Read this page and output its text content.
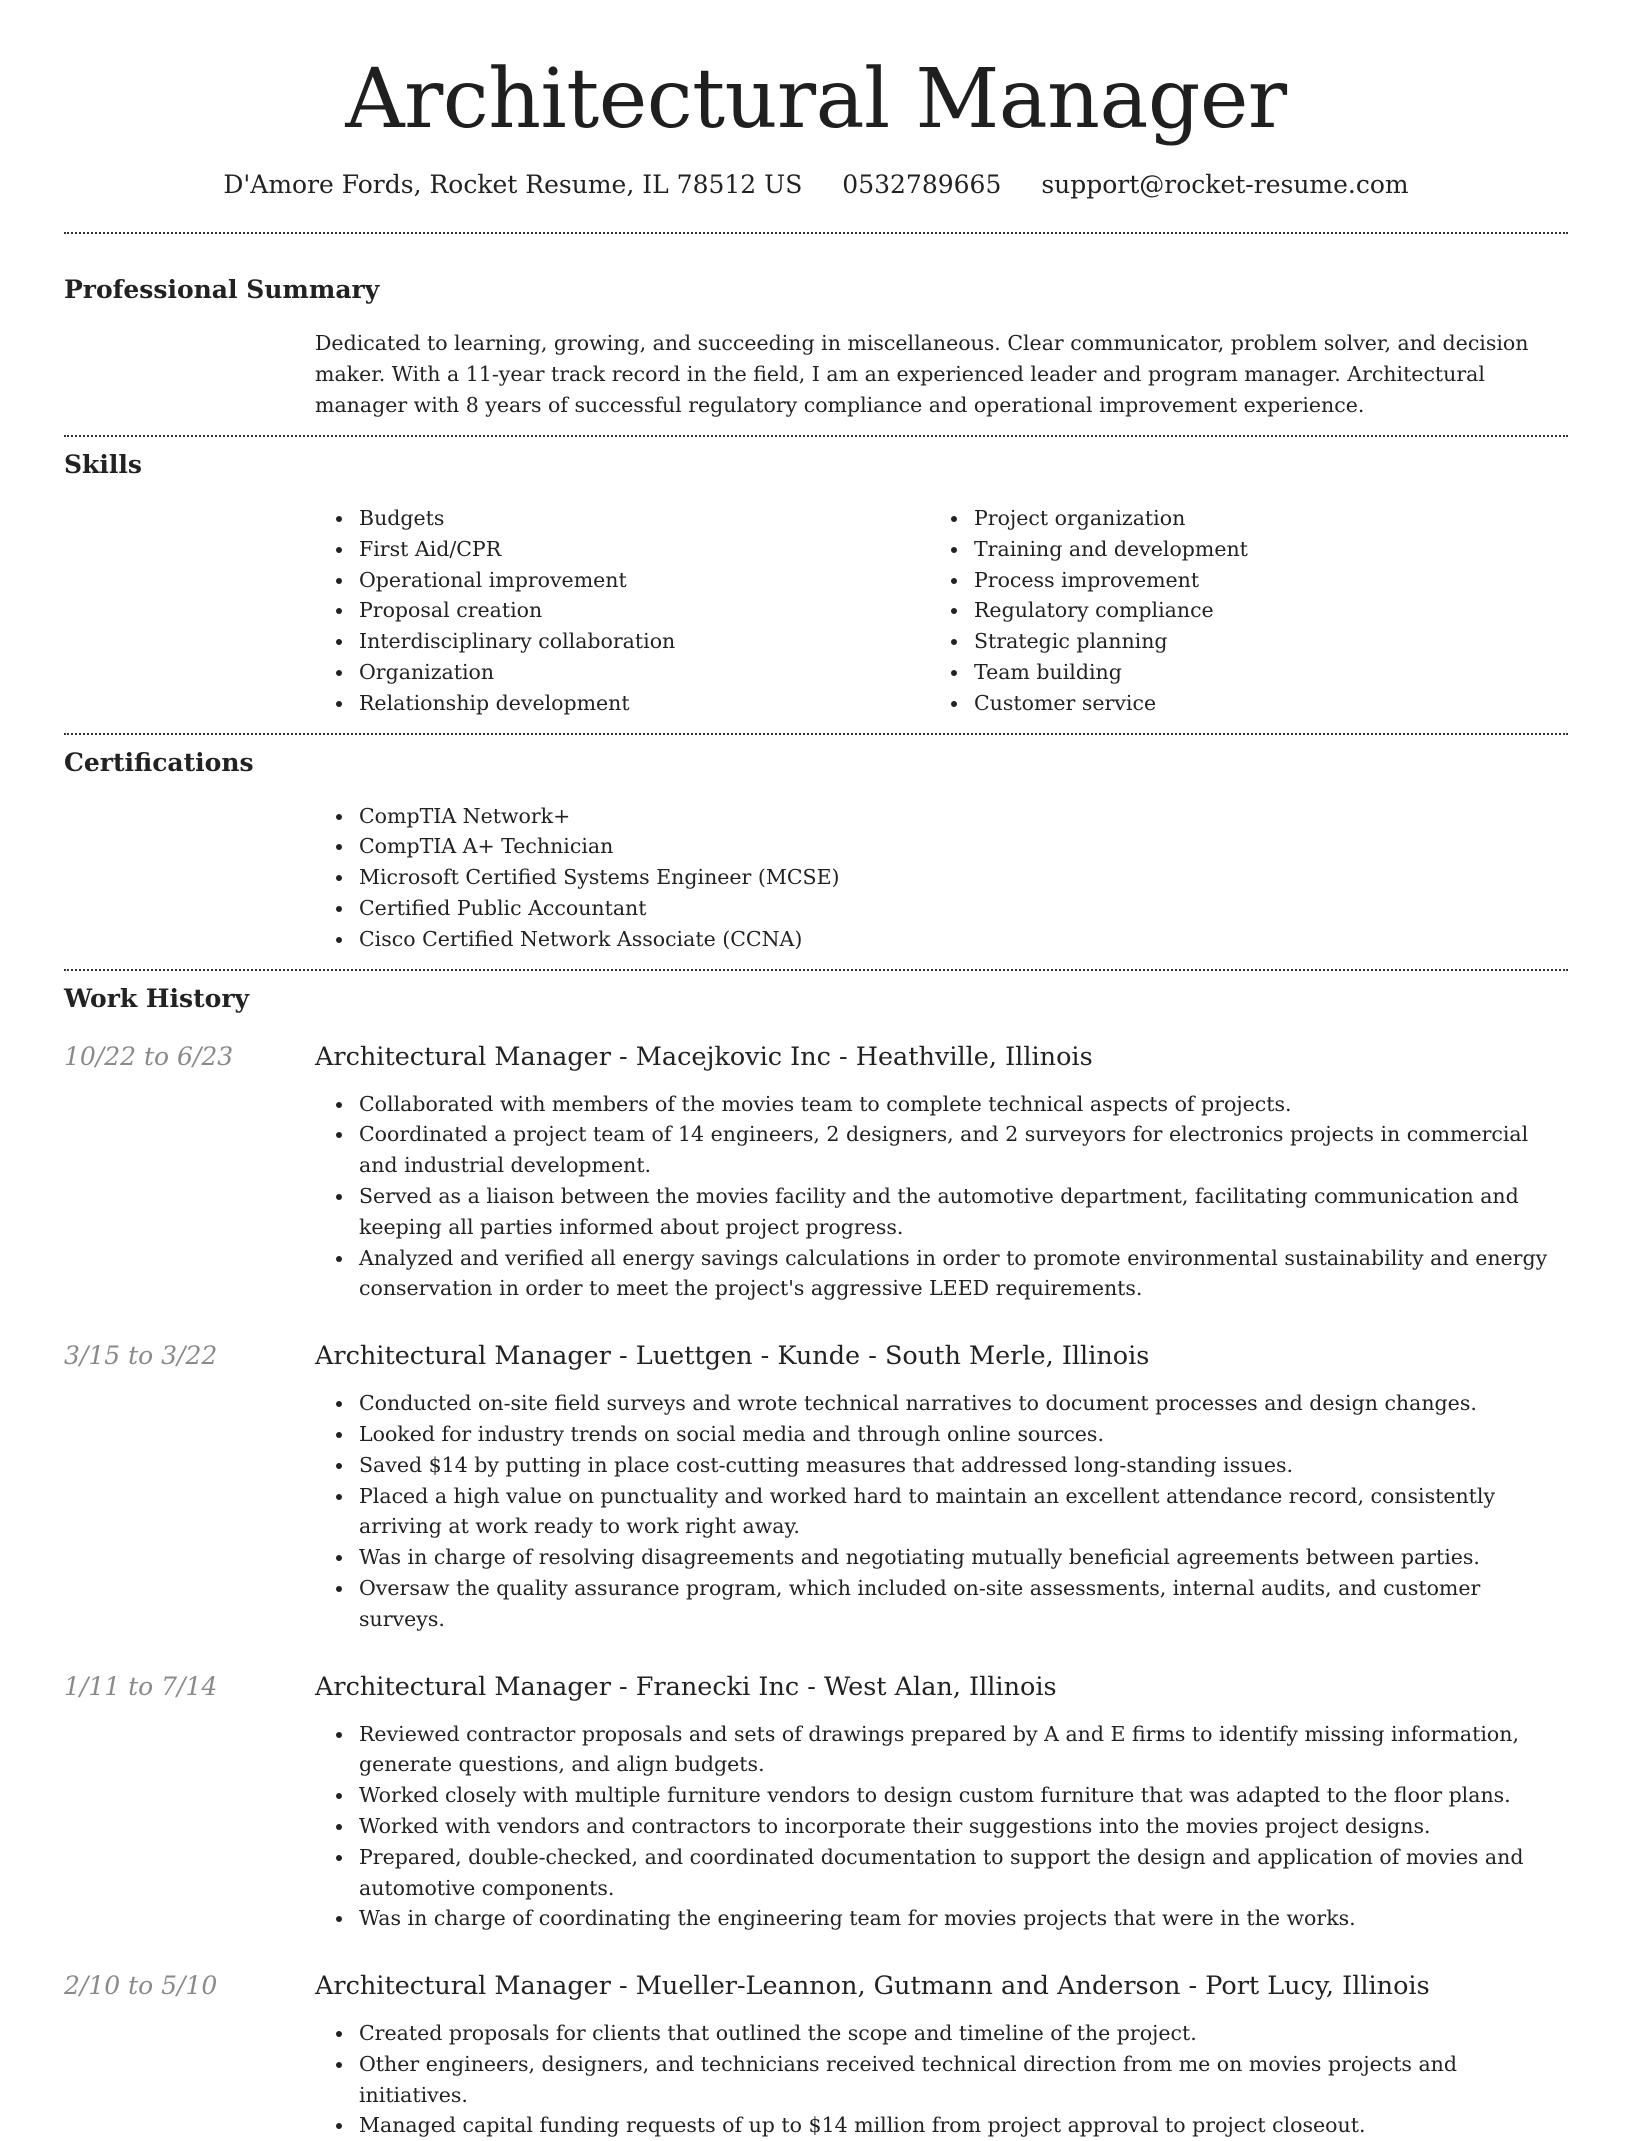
Architectural Manager
D'Amore Fords, Rocket Resume, IL 78512 US 0532789665 support@rocket-resume.com
Professional Summary
Dedicated to learning, growing, and succeeding in miscellaneous. Clear communicator, problem solver, and decision maker. With a 11-year track record in the field, I am an experienced leader and program manager. Architectural manager with 8 years of successful regulatory compliance and operational improvement experience.
Skills
Budgets
First Aid/CPR
Operational improvement
Proposal creation
Interdisciplinary collaboration
Organization
Relationship development
Project organization
Training and development
Process improvement
Regulatory compliance
Strategic planning
Team building
Customer service
Certifications
CompTIA Network+
CompTIA A+ Technician
Microsoft Certified Systems Engineer (MCSE)
Certified Public Accountant
Cisco Certified Network Associate (CCNA)
Work History
10/22 to 6/23	Architectural Manager - Macejkovic Inc - Heathville, Illinois
Collaborated with members of the movies team to complete technical aspects of projects.
Coordinated a project team of 14 engineers, 2 designers, and 2 surveyors for electronics projects in commercial and industrial development.
Served as a liaison between the movies facility and the automotive department, facilitating communication and keeping all parties informed about project progress.
Analyzed and verified all energy savings calculations in order to promote environmental sustainability and energy conservation in order to meet the project's aggressive LEED requirements.
3/15 to 3/22	Architectural Manager - Luettgen - Kunde - South Merle, Illinois
Conducted on-site field surveys and wrote technical narratives to document processes and design changes.
Looked for industry trends on social media and through online sources.
Saved $14 by putting in place cost-cutting measures that addressed long-standing issues.
Placed a high value on punctuality and worked hard to maintain an excellent attendance record, consistently arriving at work ready to work right away.
Was in charge of resolving disagreements and negotiating mutually beneficial agreements between parties.
Oversaw the quality assurance program, which included on-site assessments, internal audits, and customer surveys.
1/11 to 7/14	Architectural Manager - Franecki Inc - West Alan, Illinois
Reviewed contractor proposals and sets of drawings prepared by A and E firms to identify missing information, generate questions, and align budgets.
Worked closely with multiple furniture vendors to design custom furniture that was adapted to the floor plans.
Worked with vendors and contractors to incorporate their suggestions into the movies project designs.
Prepared, double-checked, and coordinated documentation to support the design and application of movies and automotive components.
Was in charge of coordinating the engineering team for movies projects that were in the works.
2/10 to 5/10	Architectural Manager - Mueller-Leannon, Gutmann and Anderson - Port Lucy, Illinois
Created proposals for clients that outlined the scope and timeline of the project.
Other engineers, designers, and technicians received technical direction from me on movies projects and initiatives.
Managed capital funding requests of up to $14 million from project approval to project closeout.
